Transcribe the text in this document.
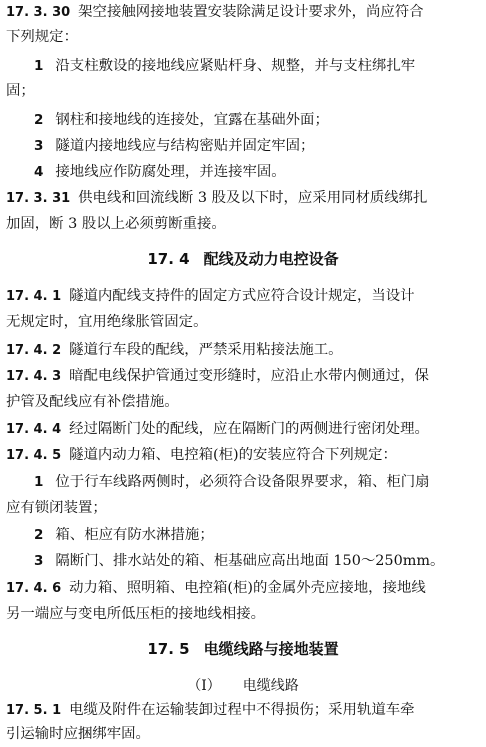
17. 3. 30 架空接触网接地装置安装除满足设计要求外，尚应符合
下列规定：
1 沿支柱敷设的接地线应紧贴杆身、规整，并与支柱绑扎牢
固；
2 钢柱和接地线的连接处，宜露在基础外面；
3 隧道内接地线应与结构密贴并固定牢固；
4 接地线应作防腐处理，并连接牢固。
17. 3. 31 供电线和回流线断 3 股及以下时，应采用同材质线绑扎
加固，断 3 股以上必须剪断重接。
17. 4 配线及动力电控设备
17. 4. 1 隧道内配线支持件的固定方式应符合设计规定，当设计
无规定时，宜用绝缘胀管固定。
17. 4. 2 隧道行车段的配线，严禁采用粘接法施工。
17. 4. 3 暗配电线保护管通过变形缝时，应沿止水带内侧通过，保
护管及配线应有补偿措施。
17. 4. 4 经过隔断门处的配线，应在隔断门的两侧进行密闭处理。
17. 4. 5 隧道内动力箱、电控箱(柜)的安装应符合下列规定：
1 位于行车线路两侧时，必须符合设备限界要求，箱、柜门扇
应有锁闭装置；
2 箱、柜应有防水淋措施；
3 隔断门、排水站处的箱、柜基础应高出地面 150～250mm。
17. 4. 6 动力箱、照明箱、电控箱(柜)的金属外壳应接地，接地线
另一端应与变电所低压柜的接地线相接。
17. 5 电缆线路与接地装置
（Ⅰ） 电缆线路
17. 5. 1 电缆及附件在运输装卸过程中不得损伤；采用轨道车牵
引运输时应捆绑牢固。
